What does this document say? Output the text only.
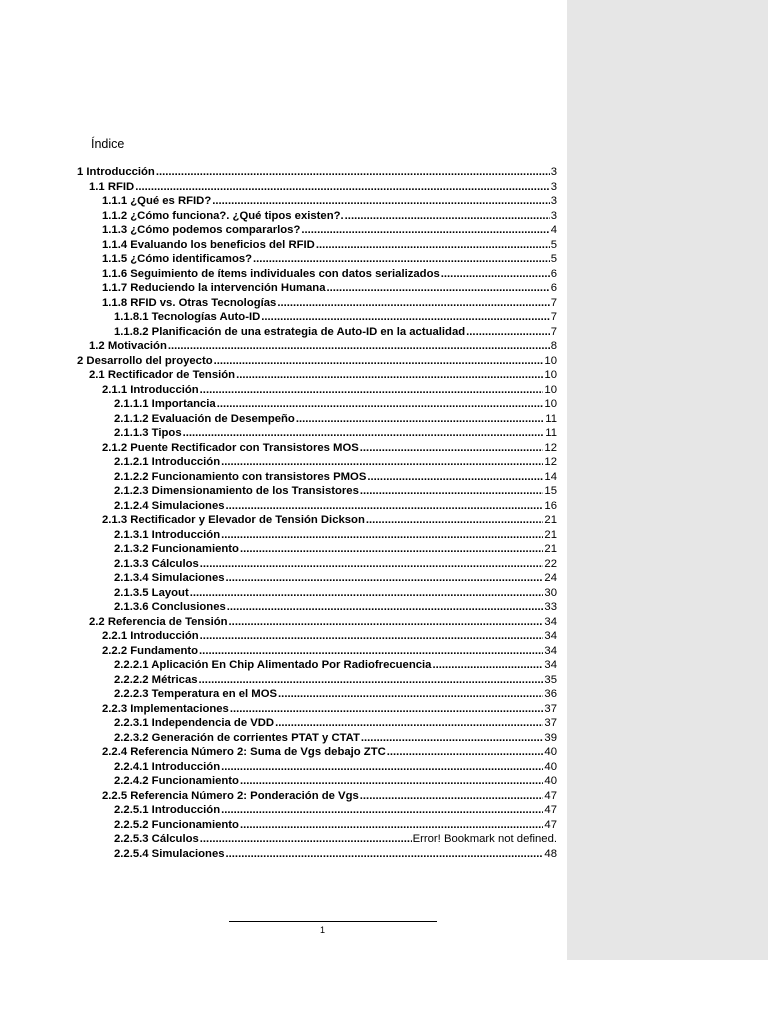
Índice
1 Introducción .....	3
1.1 RFID .....	3
1.1.1 ¿Qué es RFID? .....	3
1.1.2 ¿Cómo funciona?. ¿Qué tipos existen?. .....	3
1.1.3 ¿Cómo podemos compararlos? .....	4
1.1.4 Evaluando los beneficios del RFID .....	5
1.1.5 ¿Cómo identificamos? .....	5
1.1.6 Seguimiento de ítems individuales con datos serializados .....	6
1.1.7 Reduciendo la intervención Humana .....	6
1.1.8 RFID vs. Otras Tecnologías .....	7
1.1.8.1 Tecnologías Auto-ID .....	7
1.1.8.2 Planificación de una estrategia de Auto-ID en la actualidad .....	7
1.2 Motivación .....	8
2 Desarrollo del proyecto .....	10
2.1 Rectificador de Tensión .....	10
2.1.1 Introducción .....	10
2.1.1.1 Importancia .....	10
2.1.1.2 Evaluación de Desempeño .....	11
2.1.1.3 Tipos .....	11
2.1.2 Puente Rectificador con Transistores MOS .....	12
2.1.2.1 Introducción .....	12
2.1.2.2 Funcionamiento con transistores PMOS .....	14
2.1.2.3 Dimensionamiento de los Transistores .....	15
2.1.2.4 Simulaciones .....	16
2.1.3 Rectificador y Elevador de Tensión Dickson .....	21
2.1.3.1 Introducción .....	21
2.1.3.2 Funcionamiento .....	21
2.1.3.3 Cálculos .....	22
2.1.3.4 Simulaciones .....	24
2.1.3.5 Layout .....	30
2.1.3.6 Conclusiones .....	33
2.2 Referencia de Tensión .....	34
2.2.1 Introducción .....	34
2.2.2 Fundamento .....	34
2.2.2.1 Aplicación En Chip Alimentado Por Radiofrecuencia .....	34
2.2.2.2 Métricas .....	35
2.2.2.3 Temperatura en el MOS .....	36
2.2.3 Implementaciones .....	37
2.2.3.1 Independencia de VDD .....	37
2.2.3.2 Generación de corrientes PTAT y CTAT .....	39
2.2.4 Referencia Número 2: Suma de Vgs debajo ZTC .....	40
2.2.4.1 Introducción .....	40
2.2.4.2 Funcionamiento .....	40
2.2.5 Referencia Número 2: Ponderación de Vgs .....	47
2.2.5.1 Introducción .....	47
2.2.5.2 Funcionamiento .....	47
2.2.5.3 Cálculos .....	Error! Bookmark not defined.
2.2.5.4 Simulaciones .....	48
1
